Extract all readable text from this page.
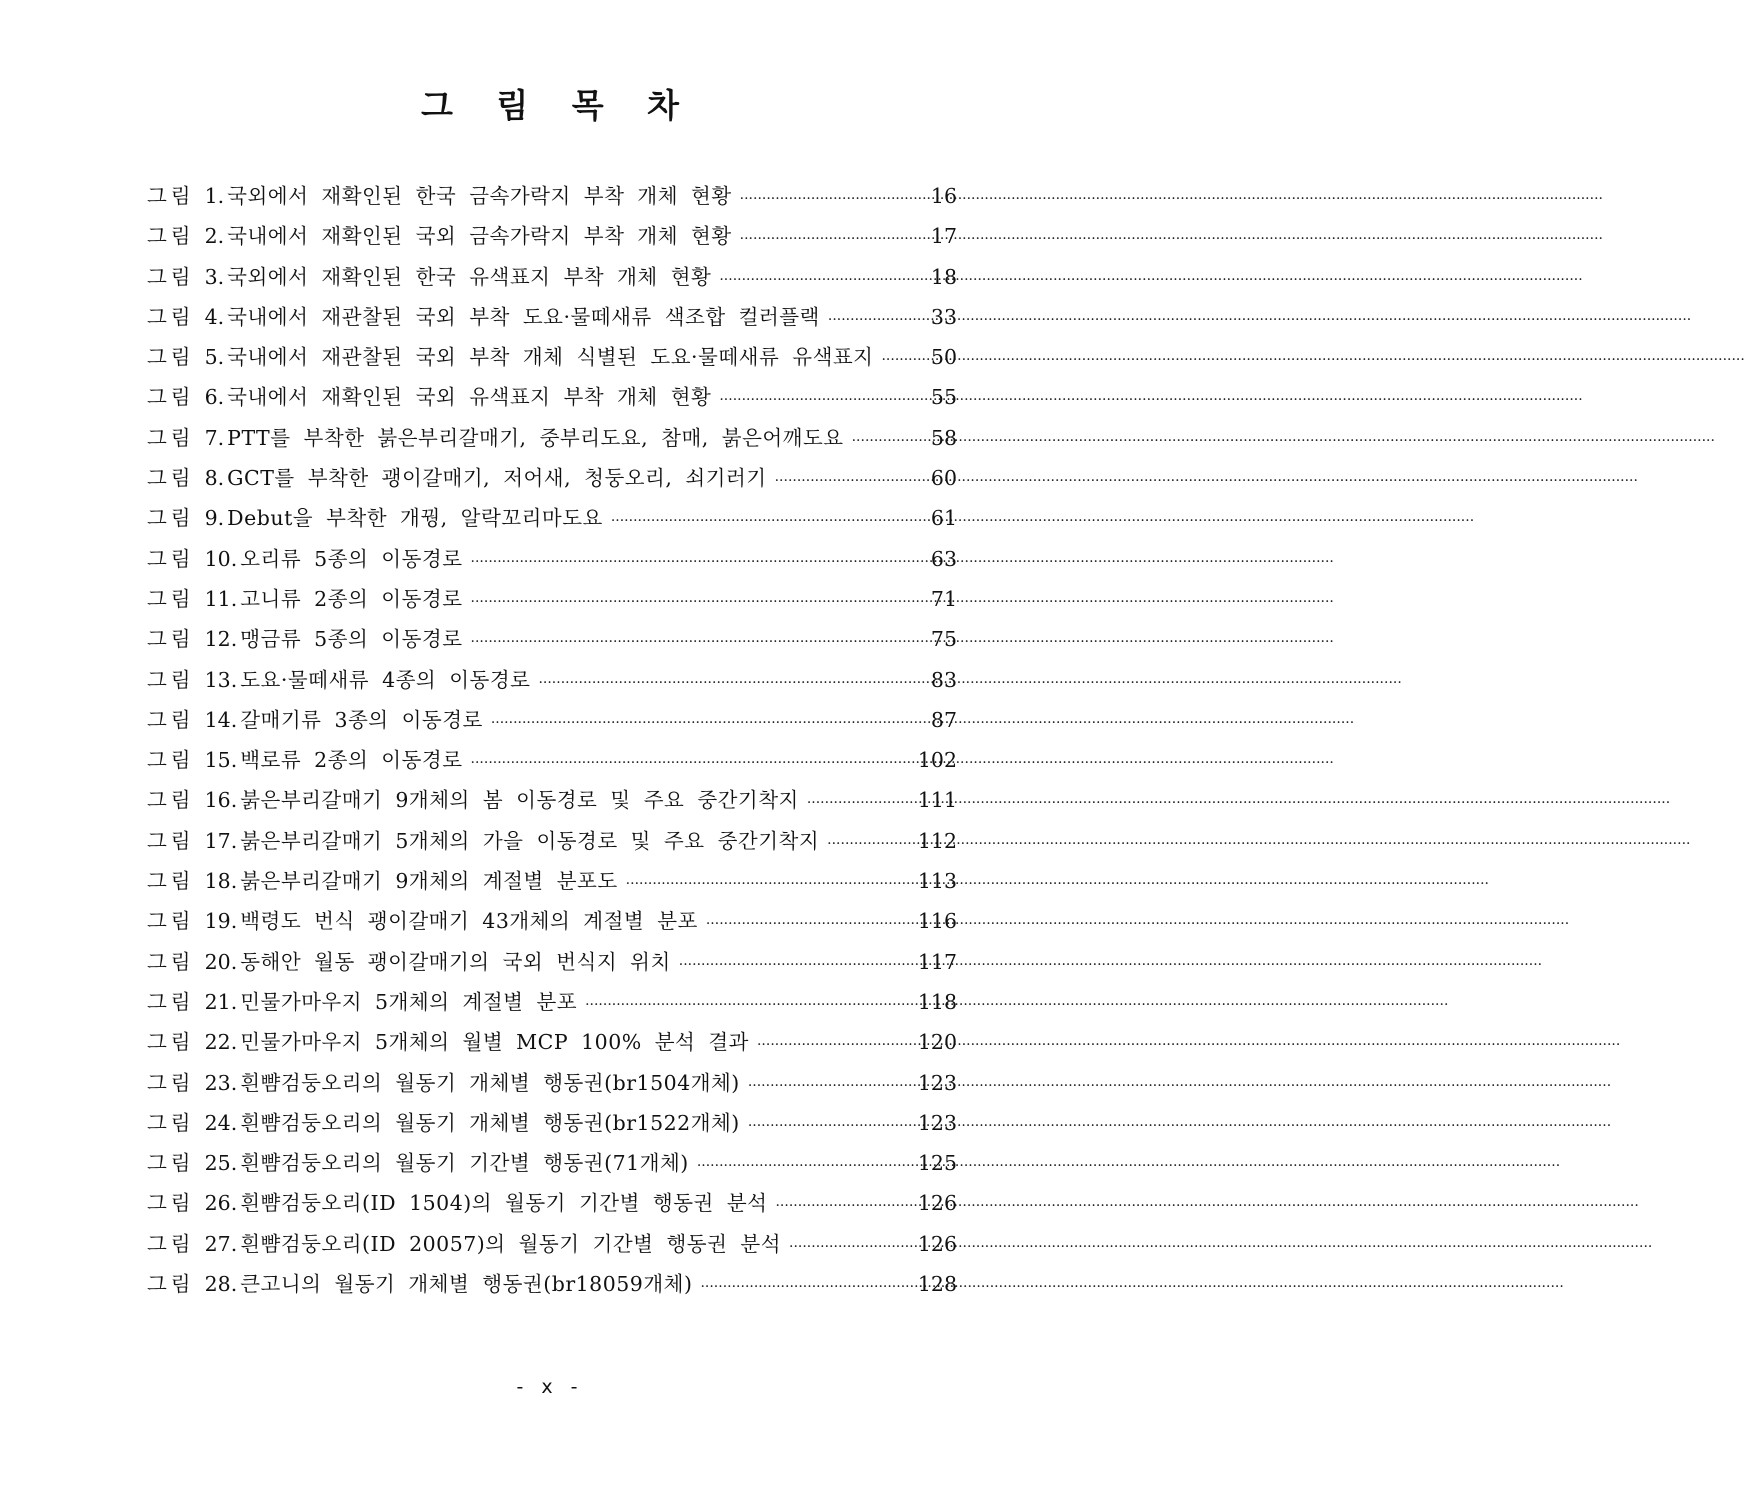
그 림 목 차
그림 1. 국외에서 재확인된 한국 금속가락지 부착 개체 현황 ·····	16
그림 2. 국내에서 재확인된 국외 금속가락지 부착 개체 현황 ·····	17
그림 3. 국외에서 재확인된 한국 유색표지 부착 개체 현황 ·····	18
그림 4. 국내에서 재관찰된 국외 부착 도요·물떼새류 색조합 컬러플랙 ·····	33
그림 5. 국내에서 재관찰된 국외 부착 개체 식별된 도요·물떼새류 유색표지 ·····	50
그림 6. 국내에서 재확인된 국외 유색표지 부착 개체 현황 ·····	55
그림 7. PTT를 부착한 붉은부리갈매기, 중부리도요, 참매, 붉은어깨도요 ·····	58
그림 8. GCT를 부착한 괭이갈매기, 저어새, 청둥오리, 쇠기러기 ·····	60
그림 9. Debut을 부착한 개꿩, 알락꼬리마도요 ·····	61
그림 10. 오리류 5종의 이동경로 ·····	63
그림 11. 고니류 2종의 이동경로 ·····	71
그림 12. 맹금류 5종의 이동경로 ·····	75
그림 13. 도요·물떼새류 4종의 이동경로 ·····	83
그림 14. 갈매기류 3종의 이동경로 ·····	87
그림 15. 백로류 2종의 이동경로 ·····	102
그림 16. 붉은부리갈매기 9개체의 봄 이동경로 및 주요 중간기착지 ·····	111
그림 17. 붉은부리갈매기 5개체의 가을 이동경로 및 주요 중간기착지 ·····	112
그림 18. 붉은부리갈매기 9개체의 계절별 분포도 ·····	113
그림 19. 백령도 번식 괭이갈매기 43개체의 계절별 분포 ·····	116
그림 20. 동해안 월동 괭이갈매기의 국외 번식지 위치 ·····	117
그림 21. 민물가마우지 5개체의 계절별 분포 ·····	118
그림 22. 민물가마우지 5개체의 월별 MCP 100% 분석 결과 ·····	120
그림 23. 흰뺨검둥오리의 월동기 개체별 행동권(br1504개체) ·····	123
그림 24. 흰뺨검둥오리의 월동기 개체별 행동권(br1522개체) ·····	123
그림 25. 흰뺨검둥오리의 월동기 기간별 행동권(71개체) ·····	125
그림 26. 흰뺨검둥오리(ID 1504)의 월동기 기간별 행동권 분석 ·····	126
그림 27. 흰뺨검둥오리(ID 20057)의 월동기 기간별 행동권 분석 ·····	126
그림 28. 큰고니의 월동기 개체별 행동권(br18059개체) ·····	128
- x -
